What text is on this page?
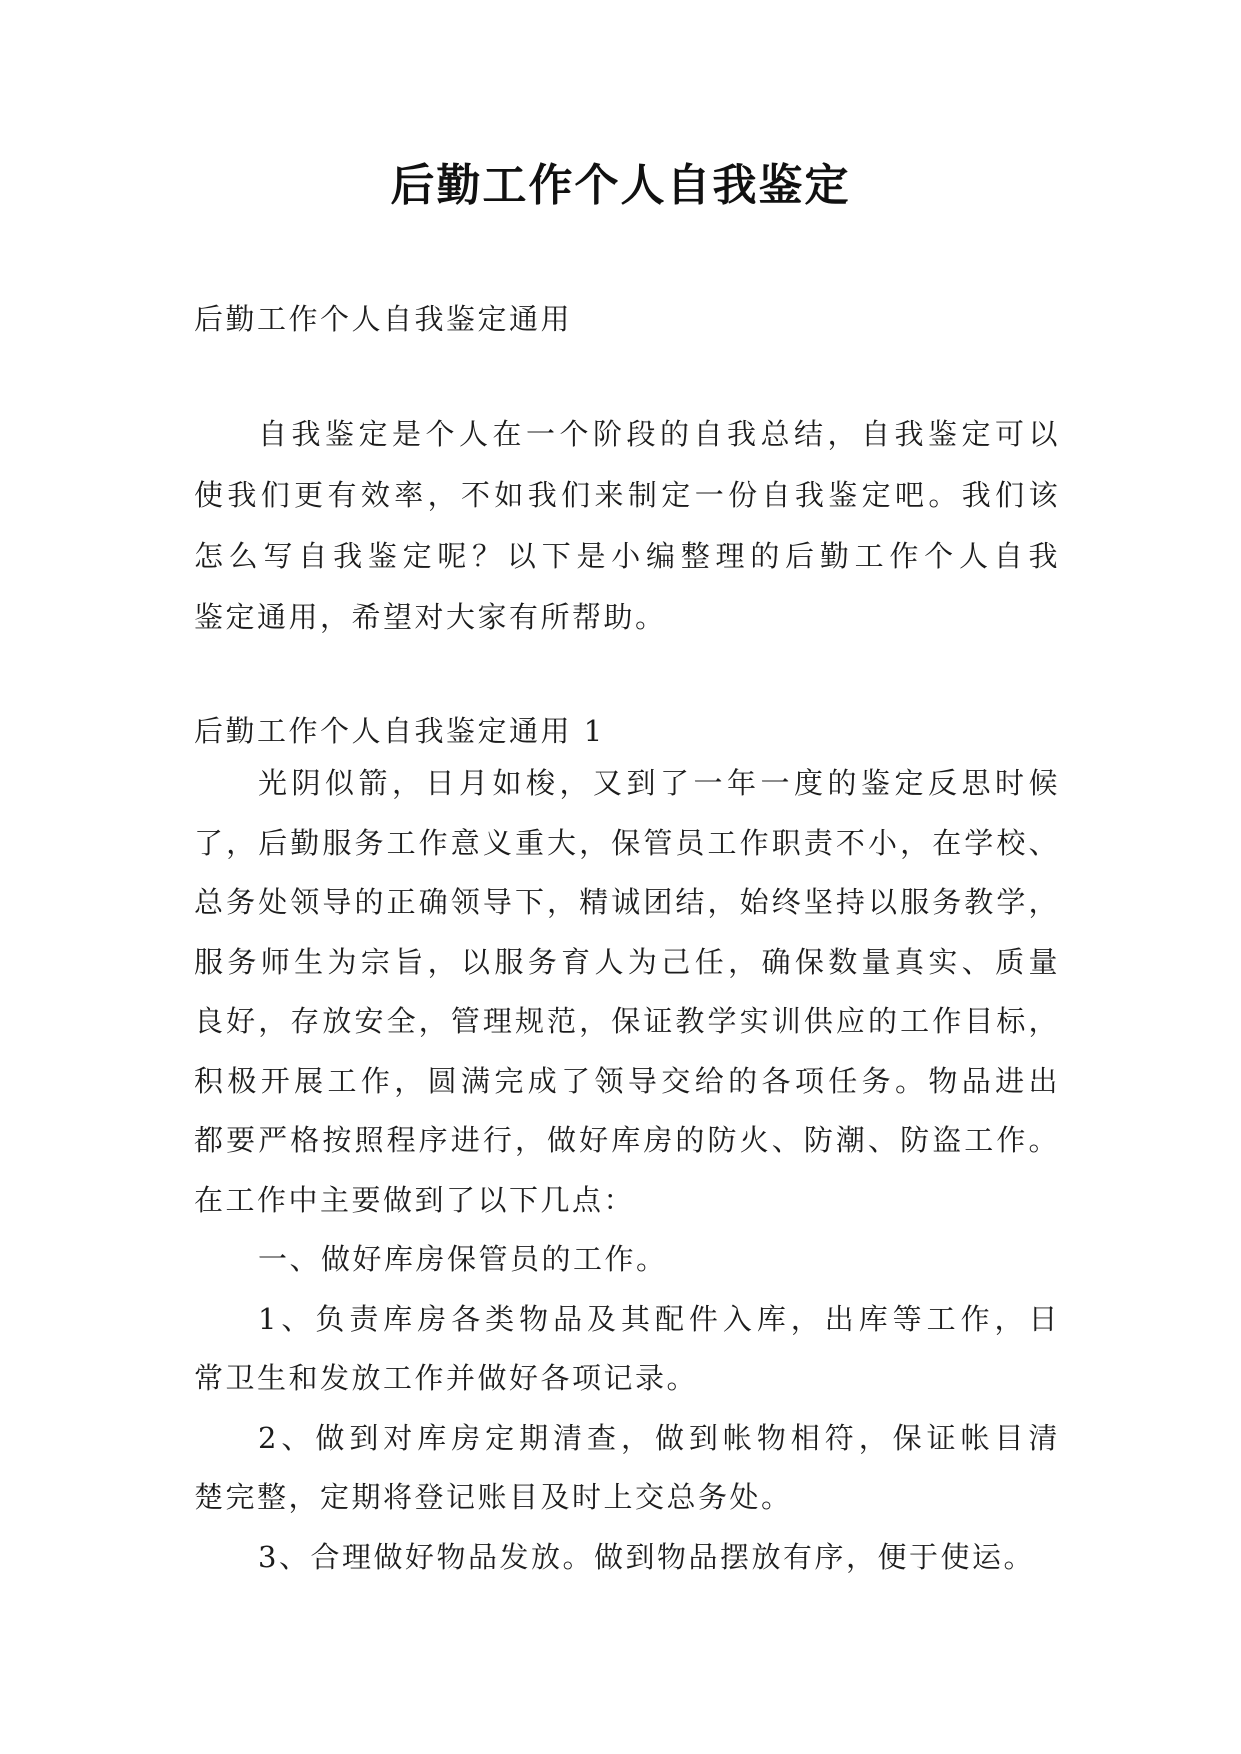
后勤工作个人自我鉴定
后勤工作个人自我鉴定通用
自我鉴定是个人在一个阶段的自我总结，自我鉴定可以
使我们更有效率，不如我们来制定一份自我鉴定吧。我们该
怎么写自我鉴定呢？以下是小编整理的后勤工作个人自我
鉴定通用，希望对大家有所帮助。
后勤工作个人自我鉴定通用 1
光阴似箭，日月如梭，又到了一年一度的鉴定反思时候
了，后勤服务工作意义重大，保管员工作职责不小，在学校、
总务处领导的正确领导下，精诚团结，始终坚持以服务教学，
服务师生为宗旨，以服务育人为己任，确保数量真实、质量
良好，存放安全，管理规范，保证教学实训供应的工作目标，
积极开展工作，圆满完成了领导交给的各项任务。物品进出
都要严格按照程序进行，做好库房的防火、防潮、防盗工作。
在工作中主要做到了以下几点：
一、做好库房保管员的工作。
1、负责库房各类物品及其配件入库，出库等工作，日
常卫生和发放工作并做好各项记录。
2、做到对库房定期清查，做到帐物相符，保证帐目清
楚完整，定期将登记账目及时上交总务处。
3、合理做好物品发放。做到物品摆放有序，便于使运。
